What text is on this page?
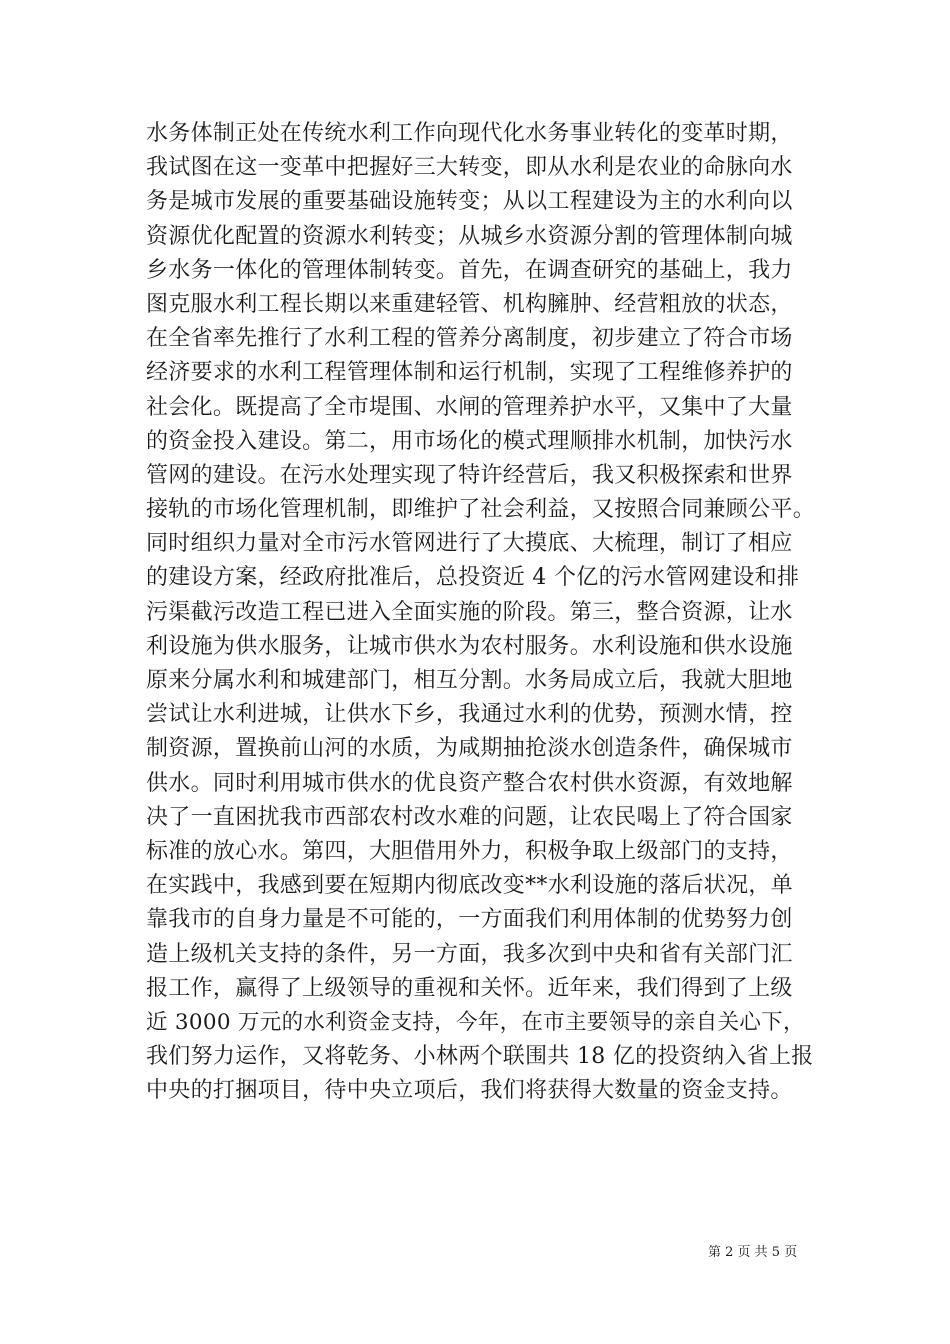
水务体制正处在传统水利工作向现代化水务事业转化的变革时期，
我试图在这一变革中把握好三大转变，即从水利是农业的命脉向水
务是城市发展的重要基础设施转变；从以工程建设为主的水利向以
资源优化配置的资源水利转变；从城乡水资源分割的管理体制向城
乡水务一体化的管理体制转变。首先，在调查研究的基础上，我力
图克服水利工程长期以来重建轻管、机构臃肿、经营粗放的状态，
在全省率先推行了水利工程的管养分离制度，初步建立了符合市场
经济要求的水利工程管理体制和运行机制，实现了工程维修养护的
社会化。既提高了全市堤围、水闸的管理养护水平，又集中了大量
的资金投入建设。第二，用市场化的模式理顺排水机制，加快污水
管网的建设。在污水处理实现了特许经营后，我又积极探索和世界
接轨的市场化管理机制，即维护了社会利益，又按照合同兼顾公平。
同时组织力量对全市污水管网进行了大摸底、大梳理，制订了相应
的建设方案，经政府批准后，总投资近 4 个亿的污水管网建设和排
污渠截污改造工程已进入全面实施的阶段。第三，整合资源，让水
利设施为供水服务，让城市供水为农村服务。水利设施和供水设施
原来分属水利和城建部门，相互分割。水务局成立后，我就大胆地
尝试让水利进城，让供水下乡，我通过水利的优势，预测水情，控
制资源，置换前山河的水质，为咸期抽抢淡水创造条件，确保城市
供水。同时利用城市供水的优良资产整合农村供水资源，有效地解
决了一直困扰我市西部农村改水难的问题，让农民喝上了符合国家
标准的放心水。第四，大胆借用外力，积极争取上级部门的支持，
在实践中，我感到要在短期内彻底改变**水利设施的落后状况，单
靠我市的自身力量是不可能的，一方面我们利用体制的优势努力创
造上级机关支持的条件，另一方面，我多次到中央和省有关部门汇
报工作，赢得了上级领导的重视和关怀。近年来，我们得到了上级
近 3000 万元的水利资金支持，今年，在市主要领导的亲自关心下，
我们努力运作，又将乾务、小林两个联围共 18 亿的投资纳入省上报
中央的打捆项目，待中央立项后，我们将获得大数量的资金支持。
第 2 页 共 5 页
